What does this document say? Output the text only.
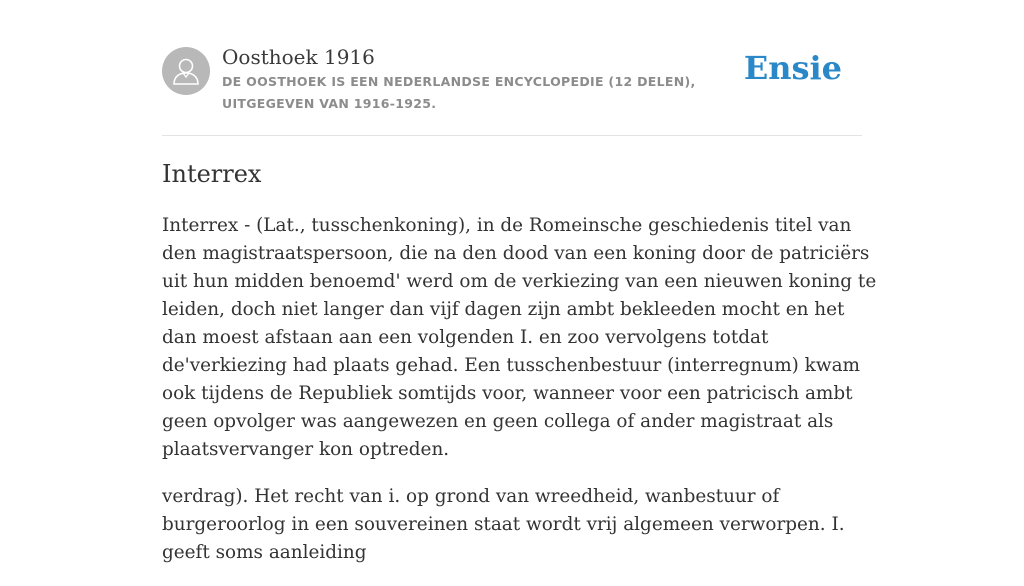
Oosthoek 1916
DE OOSTHOEK IS EEN NEDERLANDSE ENCYCLOPEDIE (12 DELEN), UITGEGEVEN VAN 1916-1925.
Ensie
Interrex

Interrex - (Lat., tusschenkoning), in de Romeinsche geschiedenis titel van den magistraatspersoon, die na den dood van een koning door de patriciërs uit hun midden benoemd' werd om de verkiezing van een nieuwen koning te leiden, doch niet langer dan vijf dagen zijn ambt bekleeden mocht en het dan moest afstaan aan een volgenden I. en zoo vervolgens totdat de'verkiezing had plaats gehad. Een tusschenbestuur (interregnum) kwam ook tijdens de Republiek somtijds voor, wanneer voor een patricisch ambt geen opvolger was aangewezen en geen collega of ander magistraat als plaatsvervanger kon optreden.

verdrag). Het recht van i. op grond van wreedheid, wanbestuur of burgeroorlog in een souvereinen staat wordt vrij algemeen verworpen. I. geeft soms aanleiding
